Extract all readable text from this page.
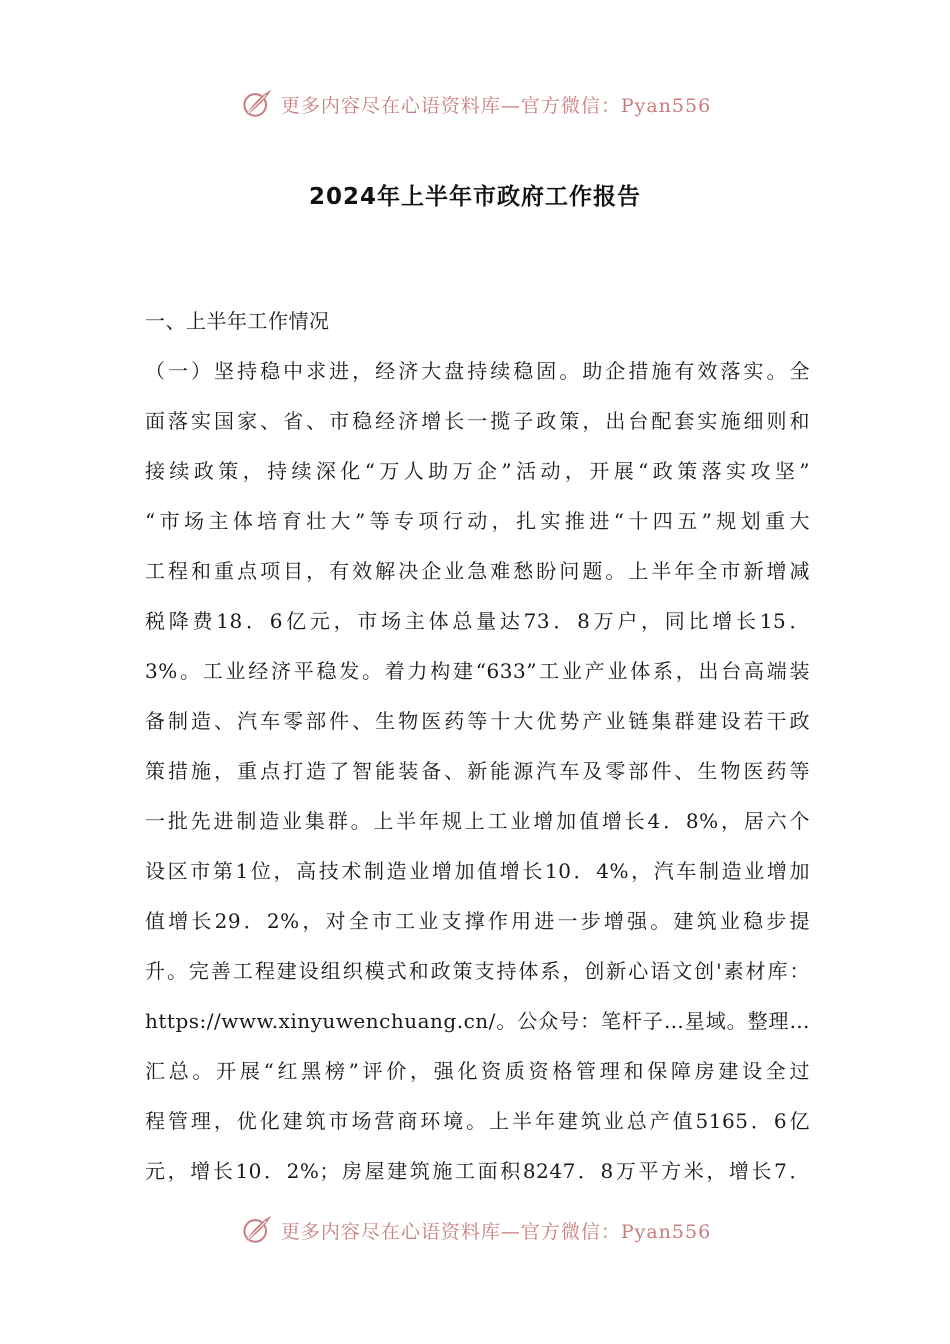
更多内容尽在心语资料库—官方微信：Pyan556
2024年上半年市政府工作报告
一、上半年工作情况
（一）坚持稳中求进，经济大盘持续稳固。助企措施有效落实。全
面落实国家、省、市稳经济增长一揽子政策，出台配套实施细则和
接续政策，持续深化“万人助万企”活动，开展“政策落实攻坚”
“市场主体培育壮大”等专项行动，扎实推进“十四五”规划重大
工程和重点项目，有效解决企业急难愁盼问题。上半年全市新增减
税降费18．6亿元，市场主体总量达73．8万户，同比增长15．
3%。工业经济平稳发。着力构建“633”工业产业体系，出台高端装
备制造、汽车零部件、生物医药等十大优势产业链集群建设若干政
策措施，重点打造了智能装备、新能源汽车及零部件、生物医药等
一批先进制造业集群。上半年规上工业增加值增长4．8%，居六个
设区市第1位，高技术制造业增加值增长10．4%，汽车制造业增加
值增长29．2%，对全市工业支撑作用进一步增强。建筑业稳步提
升。完善工程建设组织模式和政策支持体系，创新心语文创'素材库：
https://www.xinyuwenchuang.cn/。公众号：笔杆子…星域。整理…
汇总。开展“红黑榜”评价，强化资质资格管理和保障房建设全过
程管理，优化建筑市场营商环境。上半年建筑业总产值5165．6亿
元，增长10．2%；房屋建筑施工面积8247．8万平方米，增长7．
更多内容尽在心语资料库—官方微信：Pyan556
